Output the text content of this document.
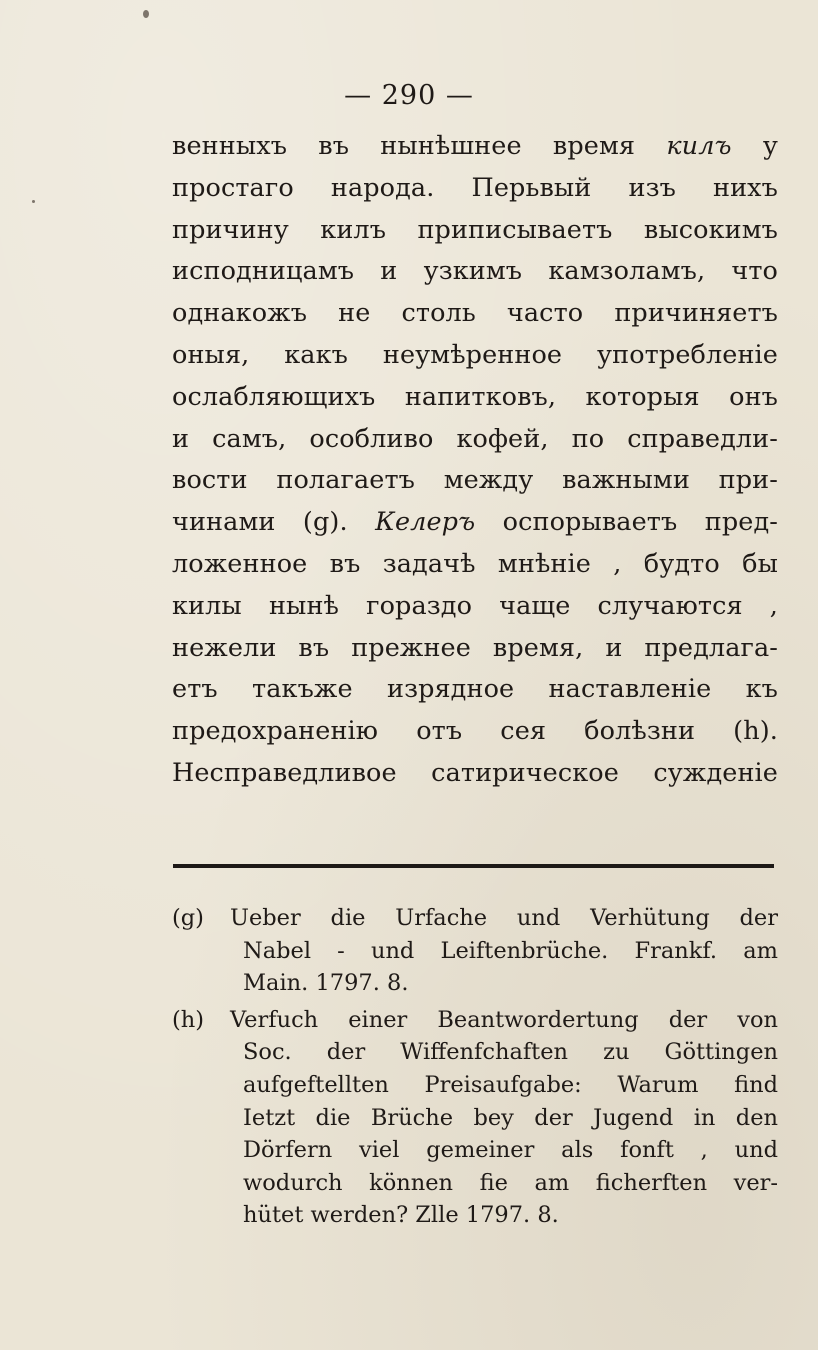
— 290 —
венныхъ въ нынѣшнее время килъ у
простаго народа. Перьвый изъ нихъ
причину килъ приписываетъ высокимъ
исподницамъ и узкимъ камзоламъ, что
однакожъ не столь часто причиняетъ
оныя, какъ неумѣренное употребленіе
ослабляющихъ напитковъ, которыя онъ
и самъ, особливо кофей, по справедли-
вости полагаетъ между важными при-
чинами (g). Келеръ оспорываетъ пред-
ложенное въ задачѣ мнѣніе , будто бы
килы нынѣ гораздо чаще случаются ,
нежели въ прежнее время, и предлага-
етъ такъже изрядное наставленіе къ
предохраненію отъ сея болѣзни (h).
Несправедливое сатирическое сужденіе
(g) Ueber die Urfache und Verhütung der
Nabel - und Leiftenbrüche. Frankf. am
Main. 1797. 8.
(h) Verfuch einer Beantwordertung der von
Soc. der Wiffenfchaften zu Göttingen
aufgeftellten Preisaufgabe: Warum find
Ietzt die Brüche bey der Jugend in den
Dörfern viel gemeiner als fonft , und
wodurch können fie am ficherften ver-
hütet werden? Zlle 1797. 8.
